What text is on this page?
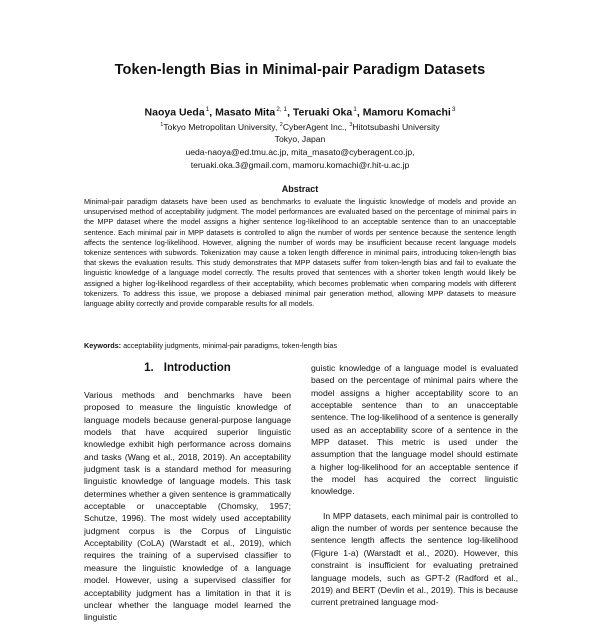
Token-length Bias in Minimal-pair Paradigm Datasets
Naoya Ueda$^1$, Masato Mita$^{2, 1}$, Teruaki Oka$^1$, Mamoru Komachi$^3$
$^1$Tokyo Metropolitan University, $^2$CyberAgent Inc., $^3$Hitotsubashi University
Tokyo, Japan
ueda-naoya@ed.tmu.ac.jp, mita_masato@cyberagent.co.jp,
teruaki.oka.3@gmail.com, mamoru.komachi@r.hit-u.ac.jp
Abstract
Minimal-pair paradigm datasets have been used as benchmarks to evaluate the linguistic knowledge of models and provide an unsupervised method of acceptability judgment. The model performances are evaluated based on the percentage of minimal pairs in the MPP dataset where the model assigns a higher sentence log-likelihood to an acceptable sentence than to an unacceptable sentence. Each minimal pair in MPP datasets is controlled to align the number of words per sentence because the sentence length affects the sentence log-likelihood. However, aligning the number of words may be insufficient because recent language models tokenize sentences with subwords. Tokenization may cause a token length difference in minimal pairs, introducing token-length bias that skews the evaluation results. This study demonstrates that MPP datasets suffer from token-length bias and fail to evaluate the linguistic knowledge of a language model correctly. The results proved that sentences with a shorter token length would likely be assigned a higher log-likelihood regardless of their acceptability, which becomes problematic when comparing models with different tokenizers. To address this issue, we propose a debiased minimal pair generation method, allowing MPP datasets to measure language ability correctly and provide comparable results for all models.
Keywords: acceptability judgments, minimal-pair paradigms, token-length bias
1. Introduction

Various methods and benchmarks have been proposed to measure the linguistic knowledge of language models because general-purpose language models that have acquired superior linguistic knowledge exhibit high performance across domains and tasks (Wang et al., 2018, 2019). An acceptability judgment task is a standard method for measuring linguistic knowledge of language models. This task determines whether a given sentence is grammatically acceptable or unacceptable (Chomsky, 1957; Schutze, 1996). The most widely used acceptability judgment corpus is the Corpus of Linguistic Acceptability (CoLA) (Warstadt et al., 2019), which requires the training of a supervised classifier to measure the linguistic knowledge of a language model. However, using a supervised classifier for acceptability judgment has a limitation in that it is unclear whether the language model learned the linguistic

guistic knowledge of a language model is evaluated based on the percentage of minimal pairs where the model assigns a higher acceptability score to an acceptable sentence than to an unacceptable sentence. The log-likelihood of a sentence is generally used as an acceptability score of a sentence in the MPP dataset. This metric is used under the assumption that the language model should estimate a higher log-likelihood for an acceptable sentence if the model has acquired the correct linguistic knowledge.

In MPP datasets, each minimal pair is controlled to align the number of words per sentence because the sentence length affects the sentence log-likelihood (Figure 1-a) (Warstadt et al., 2020). However, this constraint is insufficient for evaluating pretrained language models, such as GPT-2 (Radford et al., 2019) and BERT (Devlin et al., 2019). This is because current pretrained language mod-
